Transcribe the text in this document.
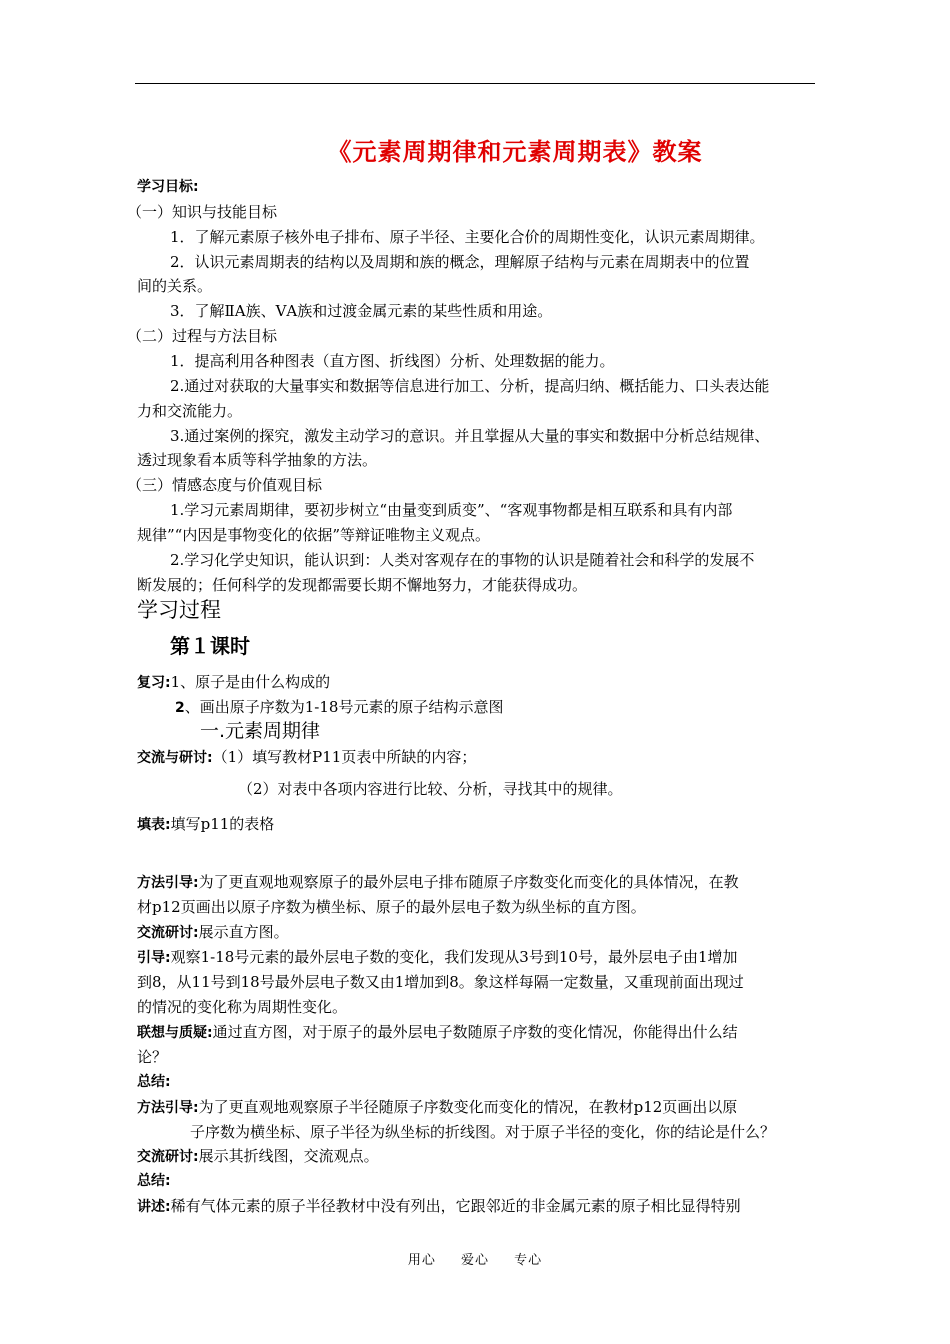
《元素周期律和元素周期表》教案
学习目标:
（一）知识与技能目标
1．了解元素原子核外电子排布、原子半径、主要化合价的周期性变化，认识元素周期律。
2．认识元素周期表的结构以及周期和族的概念，理解原子结构与元素在周期表中的位置
间的关系。
3．了解ⅡA族、ⅤA族和过渡金属元素的某些性质和用途。
（二）过程与方法目标
1．提高利用各种图表（直方图、折线图）分析、处理数据的能力。
2.通过对获取的大量事实和数据等信息进行加工、分析，提高归纳、概括能力、口头表达能
力和交流能力。
3.通过案例的探究，激发主动学习的意识。并且掌握从大量的事实和数据中分析总结规律、
透过现象看本质等科学抽象的方法。
（三）情感态度与价值观目标
1.学习元素周期律，要初步树立“由量变到质变”、“客观事物都是相互联系和具有内部
规律”“内因是事物变化的依据”等辩证唯物主义观点。
2.学习化学史知识，能认识到：人类对客观存在的事物的认识是随着社会和科学的发展不
断发展的；任何科学的发现都需要长期不懈地努力，才能获得成功。
学习过程
第１课时
复习:1、原子是由什么构成的
2、画出原子序数为1-18号元素的原子结构示意图
一.元素周期律
交流与研讨:（1）填写教材P11页表中所缺的内容；
（2）对表中各项内容进行比较、分析，寻找其中的规律。
填表:填写p11的表格
方法引导:为了更直观地观察原子的最外层电子排布随原子序数变化而变化的具体情况，在教
材p12页画出以原子序数为横坐标、原子的最外层电子数为纵坐标的直方图。
交流研讨:展示直方图。
引导:观察1-18号元素的最外层电子数的变化，我们发现从3号到10号，最外层电子由1增加
到8，从11号到18号最外层电子数又由1增加到8。象这样每隔一定数量，又重现前面出现过
的情况的变化称为周期性变化。
联想与质疑:通过直方图，对于原子的最外层电子数随原子序数的变化情况，你能得出什么结
论？
总结:
方法引导:为了更直观地观察原子半径随原子序数变化而变化的情况，在教材p12页画出以原
子序数为横坐标、原子半径为纵坐标的折线图。对于原子半径的变化，你的结论是什么？
交流研讨:展示其折线图，交流观点。
总结:
讲述:稀有气体元素的原子半径教材中没有列出，它跟邻近的非金属元素的原子相比显得特别
用心 爱心 专心
